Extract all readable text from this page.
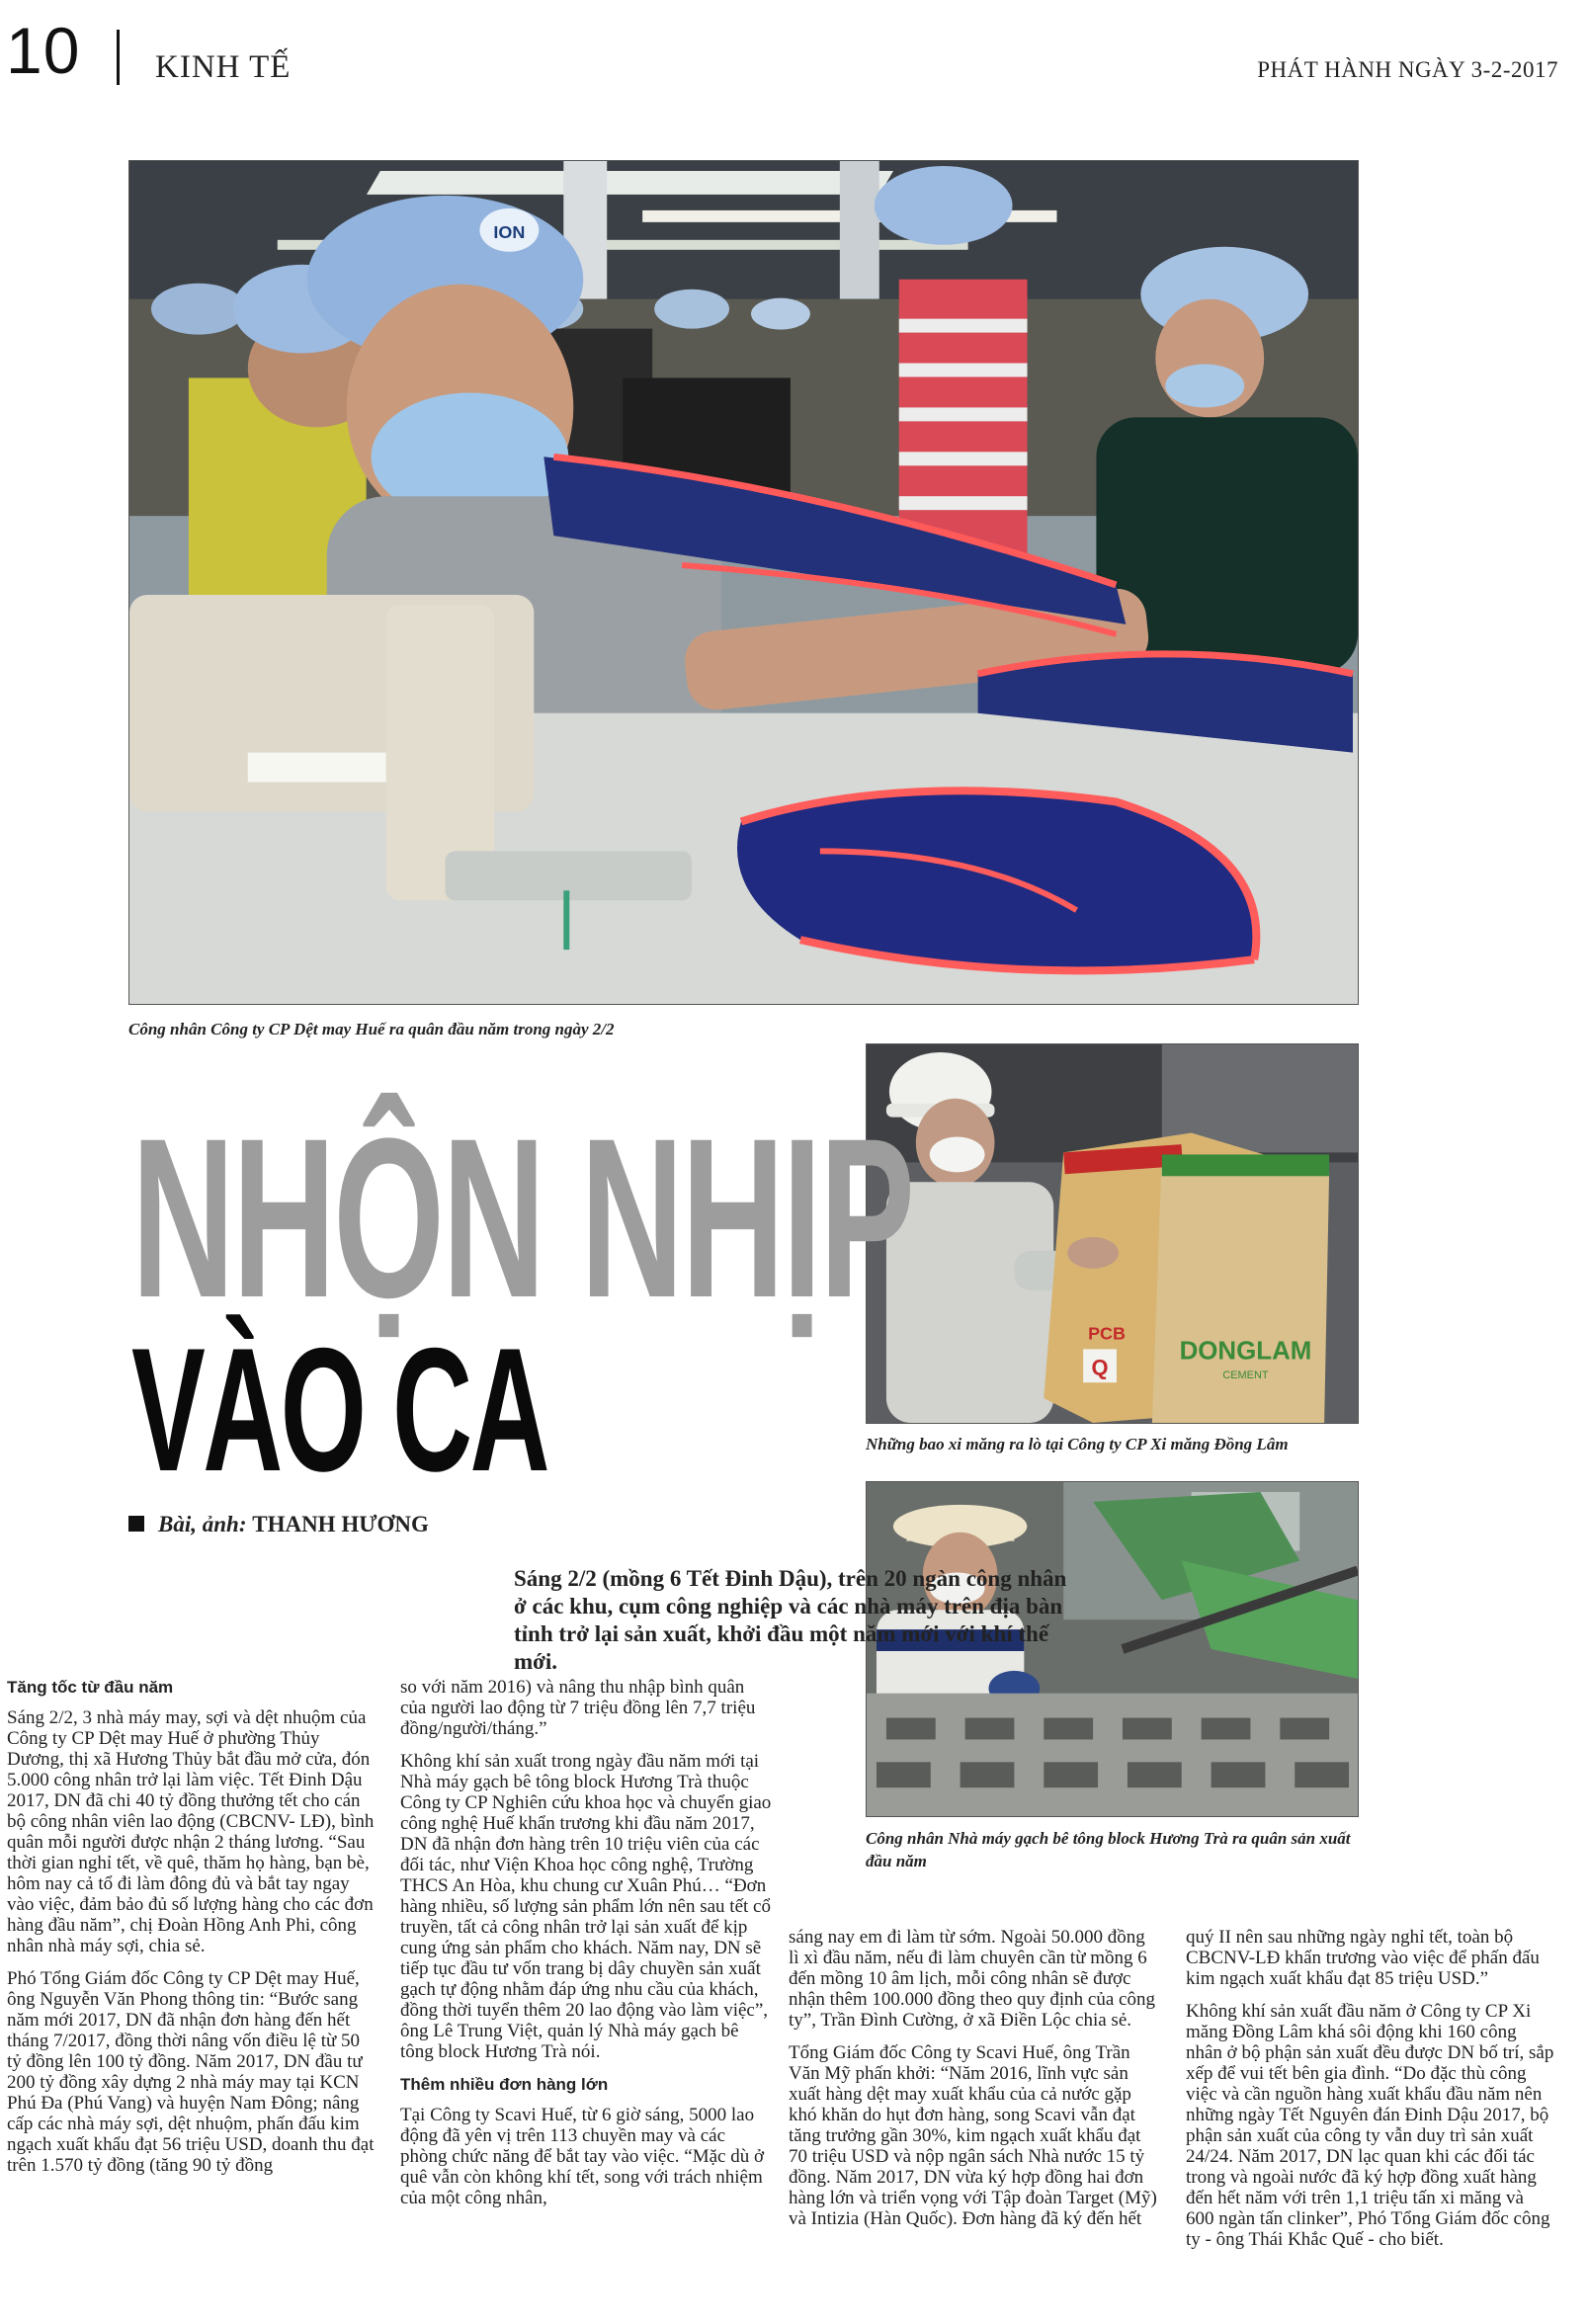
10 KINH TẾ	PHÁT HÀNH NGÀY 3-2-2017
ION
Công nhân Công ty CP Dệt may Huế ra quân đầu năm trong ngày 2/2
DONGLAM
CEMENT
PCB
Q
Những bao xi măng ra lò tại Công ty CP Xi măng Đồng Lâm
Công nhân Nhà máy gạch bê tông block Hương Trà ra quân sản xuất đầu năm
NHỘN NHỊP
VÀO CA
Bài, ảnh: THANH HƯƠNG
Sáng 2/2 (mồng 6 Tết Đinh Dậu), trên 20 ngàn công nhân ở các khu, cụm công nghiệp và các nhà máy trên địa bàn tỉnh trở lại sản xuất, khởi đầu một năm mới với khí thế mới.
Tăng tốc từ đầu năm

Sáng 2/2, 3 nhà máy may, sợi và dệt nhuộm của Công ty CP Dệt may Huế ở phường Thủy Dương, thị xã Hương Thủy bắt đầu mở cửa, đón 5.000 công nhân trở lại làm việc. Tết Đinh Dậu 2017, DN đã chi 40 tỷ đồng thưởng tết cho cán bộ công nhân viên lao động (CBCNV- LĐ), bình quân mỗi người được nhận 2 tháng lương. “Sau thời gian nghỉ tết, về quê, thăm họ hàng, bạn bè, hôm nay cả tổ đi làm đông đủ và bắt tay ngay vào việc, đảm bảo đủ số lượng hàng cho các đơn hàng đầu năm”, chị Đoàn Hồng Anh Phi, công nhân nhà máy sợi, chia sẻ.

Phó Tổng Giám đốc Công ty CP Dệt may Huế, ông Nguyễn Văn Phong thông tin: “Bước sang năm mới 2017, DN đã nhận đơn hàng đến hết tháng 7/2017, đồng thời nâng vốn điều lệ từ 50 tỷ đồng lên 100 tỷ đồng. Năm 2017, DN đầu tư 200 tỷ đồng xây dựng 2 nhà máy may tại KCN Phú Đa (Phú Vang) và huyện Nam Đông; nâng cấp các nhà máy sợi, dệt nhuộm, phấn đấu kim ngạch xuất khẩu đạt 56 triệu USD, doanh thu đạt trên 1.570 tỷ đồng (tăng 90 tỷ đồng

so với năm 2016) và nâng thu nhập bình quân của người lao động từ 7 triệu đồng lên 7,7 triệu đồng/người/tháng.”

Không khí sản xuất trong ngày đầu năm mới tại Nhà máy gạch bê tông block Hương Trà thuộc Công ty CP Nghiên cứu khoa học và chuyển giao công nghệ Huế khẩn trương khi đầu năm 2017, DN đã nhận đơn hàng trên 10 triệu viên của các đối tác, như Viện Khoa học công nghệ, Trường THCS An Hòa, khu chung cư Xuân Phú… “Đơn hàng nhiều, số lượng sản phẩm lớn nên sau tết cổ truyền, tất cả công nhân trở lại sản xuất để kịp cung ứng sản phẩm cho khách. Năm nay, DN sẽ tiếp tục đầu tư vốn trang bị dây chuyền sản xuất gạch tự động nhằm đáp ứng nhu cầu của khách, đồng thời tuyển thêm 20 lao động vào làm việc”, ông Lê Trung Việt, quản lý Nhà máy gạch bê tông block Hương Trà nói.

Thêm nhiều đơn hàng lớn

Tại Công ty Scavi Huế, từ 6 giờ sáng, 5000 lao động đã yên vị trên 113 chuyền may và các phòng chức năng để bắt tay vào việc. “Mặc dù ở quê vẫn còn không khí tết, song với trách nhiệm của một công nhân,

sáng nay em đi làm từ sớm. Ngoài 50.000 đồng lì xì đầu năm, nếu đi làm chuyên cần từ mồng 6 đến mồng 10 âm lịch, mỗi công nhân sẽ được nhận thêm 100.000 đồng theo quy định của công ty”, Trần Đình Cường, ở xã Điền Lộc chia sẻ.

Tổng Giám đốc Công ty Scavi Huế, ông Trần Văn Mỹ phấn khởi: “Năm 2016, lĩnh vực sản xuất hàng dệt may xuất khẩu của cả nước gặp khó khăn do hụt đơn hàng, song Scavi vẫn đạt tăng trưởng gần 30%, kim ngạch xuất khẩu đạt 70 triệu USD và nộp ngân sách Nhà nước 15 tỷ đồng. Năm 2017, DN vừa ký hợp đồng hai đơn hàng lớn và triển vọng với Tập đoàn Target (Mỹ) và Intizia (Hàn Quốc). Đơn hàng đã ký đến hết

quý II nên sau những ngày nghỉ tết, toàn bộ CBCNV-LĐ khẩn trương vào việc để phấn đấu kim ngạch xuất khẩu đạt 85 triệu USD.”

Không khí sản xuất đầu năm ở Công ty CP Xi măng Đồng Lâm khá sôi động khi 160 công nhân ở bộ phận sản xuất đều được DN bố trí, sắp xếp để vui tết bên gia đình. “Do đặc thù công việc và cần nguồn hàng xuất khẩu đầu năm nên những ngày Tết Nguyên đán Đinh Dậu 2017, bộ phận sản xuất của công ty vẫn duy trì sản xuất 24/24. Năm 2017, DN lạc quan khi các đối tác trong và ngoài nước đã ký hợp đồng xuất hàng đến hết năm với trên 1,1 triệu tấn xi măng và 600 ngàn tấn clinker”, Phó Tổng Giám đốc công ty - ông Thái Khắc Quế - cho biết.
